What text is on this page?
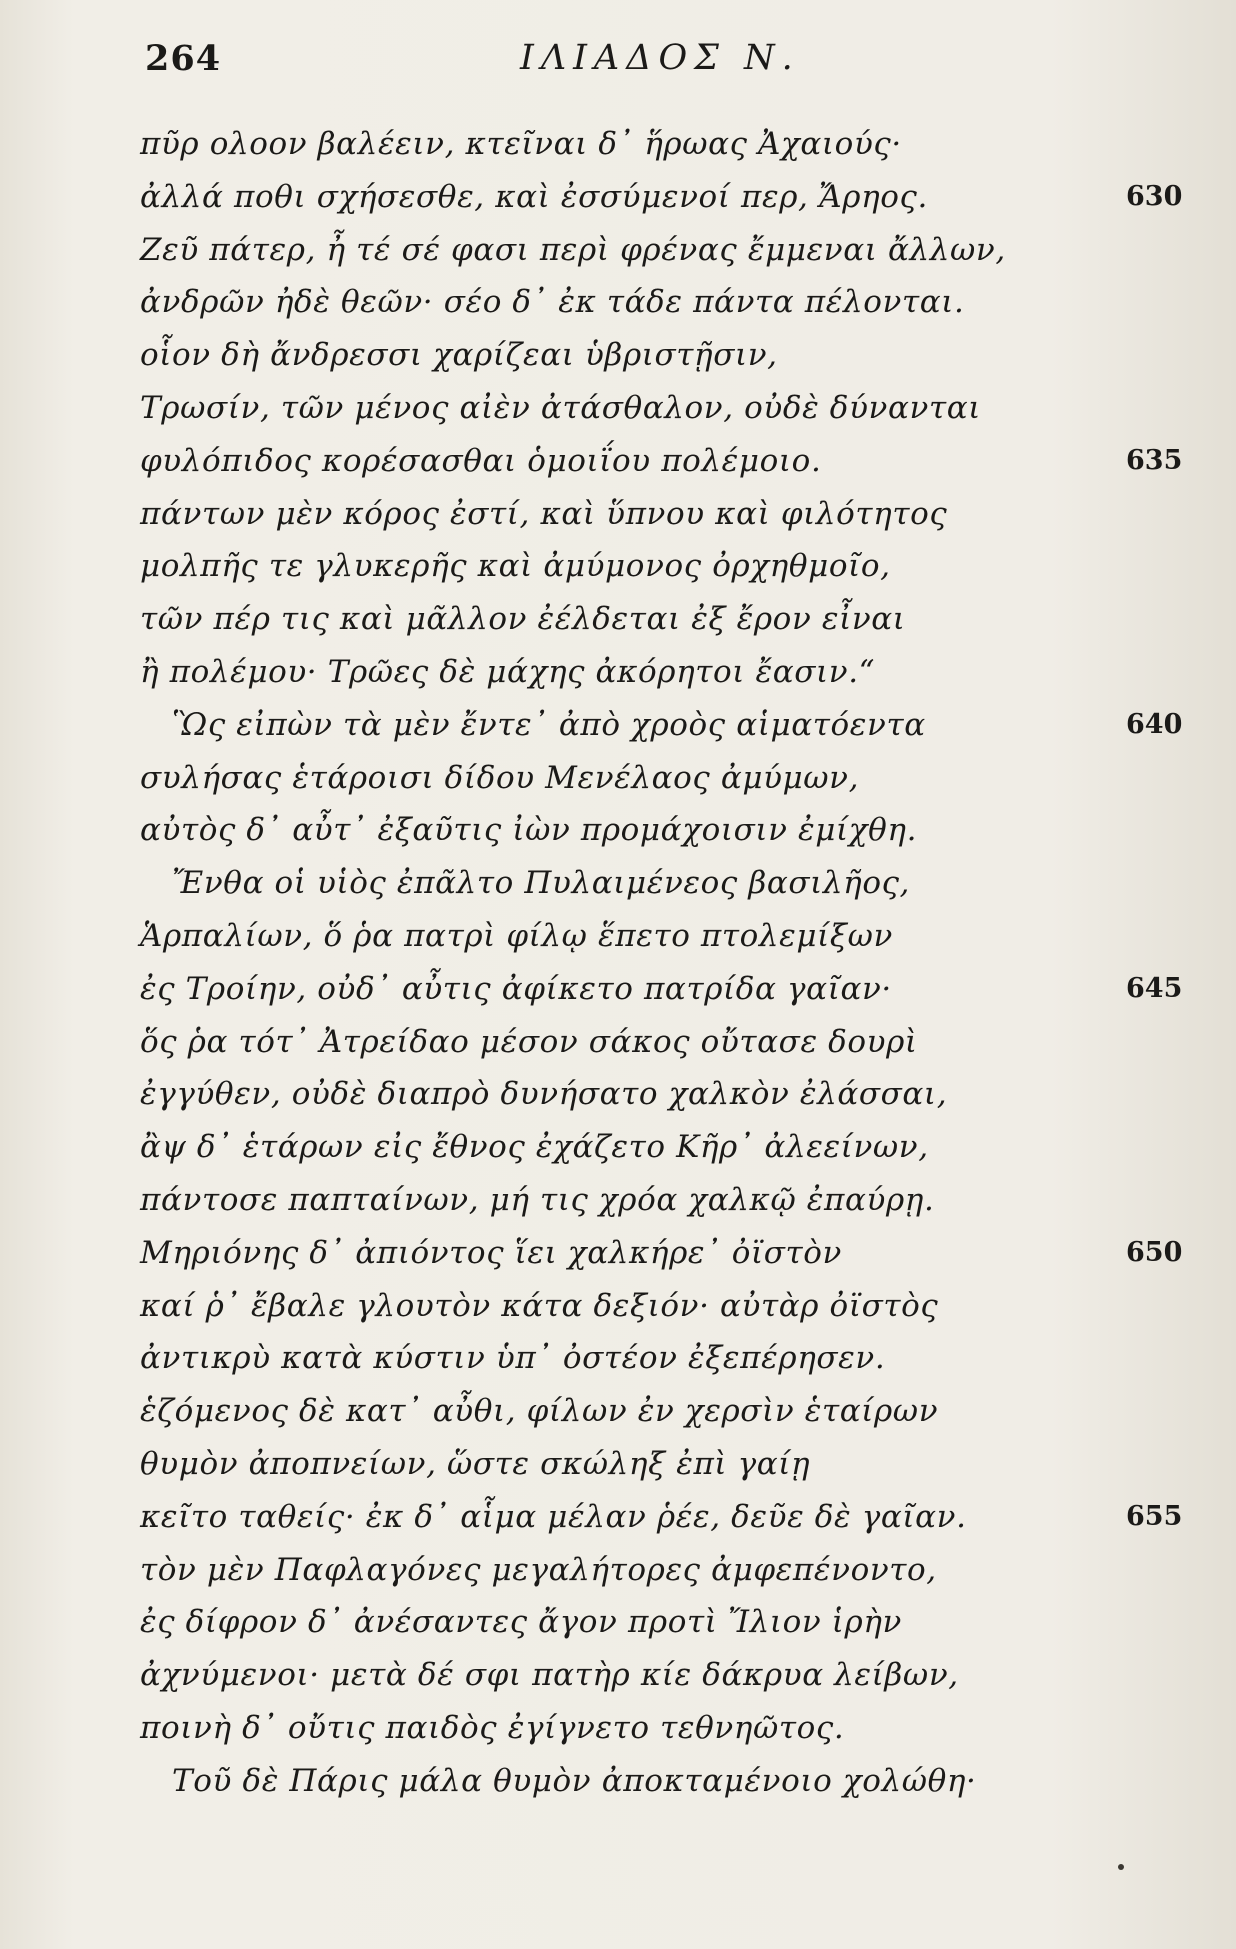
264	ΙΛΙΑΔΟΣ Ν.
πῦρ ολοον βαλέειν, κτεῖναι δ᾽ ἥρωας Ἀχαιούς·
ἀλλά ποθι σχήσεσθε, καὶ ἐσσύμενοί περ, Ἄρηος.	630
Ζεῦ πάτερ, ἦ τέ σέ φασι περὶ φρένας ἔμμεναι ἄλλων,
ἀνδρῶν ἠδὲ θεῶν· σέο δ᾽ ἐκ τάδε πάντα πέλονται.
οἷον δὴ ἄνδρεσσι χαρίζεαι ὑβριστῇσιν,
Τρωσίν, τῶν μένος αἰὲν ἀτάσθαλον, οὐδὲ δύνανται
φυλόπιδος κορέσασθαι ὁμοιΐου πολέμοιο.	635
πάντων μὲν κόρος ἐστί, καὶ ὕπνου καὶ φιλότητος
μολπῆς τε γλυκερῆς καὶ ἀμύμονος ὀρχηθμοῖο,
τῶν πέρ τις καὶ μᾶλλον ἐέλδεται ἐξ ἔρον εἶναι
ἢ πολέμου· Τρῶες δὲ μάχης ἀκόρητοι ἔασιν.“
Ὣς εἰπὼν τὰ μὲν ἔντε᾽ ἀπὸ χροὸς αἱματόεντα	640
συλήσας ἑτάροισι δίδου Μενέλαος ἀμύμων,
αὐτὸς δ᾽ αὖτ᾽ ἐξαῦτις ἰὼν προμάχοισιν ἐμίχθη.
Ἔνθα οἱ υἱὸς ἐπᾶλτο Πυλαιμένεος βασιλῆος,
Ἁρπαλίων, ὅ ῥα πατρὶ φίλῳ ἕπετο πτολεμίξων
ἐς Τροίην, οὐδ᾽ αὖτις ἀφίκετο πατρίδα γαῖαν·	645
ὅς ῥα τότ᾽ Ἀτρείδαο μέσον σάκος οὔτασε δουρὶ
ἐγγύθεν, οὐδὲ διαπρὸ δυνήσατο χαλκὸν ἐλάσσαι,
ἂψ δ᾽ ἑτάρων εἰς ἔθνος ἐχάζετο Κῆρ᾽ ἀλεείνων,
πάντοσε παπταίνων, μή τις χρόα χαλκῷ ἐπαύρῃ.
Μηριόνης δ᾽ ἀπιόντος ἵει χαλκήρε᾽ ὀϊστὸν	650
καί ῥ᾽ ἔβαλε γλουτὸν κάτα δεξιόν· αὐτὰρ ὀϊστὸς
ἀντικρὺ κατὰ κύστιν ὑπ᾽ ὀστέον ἐξεπέρησεν.
ἑζόμενος δὲ κατ᾽ αὖθι, φίλων ἐν χερσὶν ἑταίρων
θυμὸν ἀποπνείων, ὥστε σκώληξ ἐπὶ γαίῃ
κεῖτο ταθείς· ἐκ δ᾽ αἷμα μέλαν ῥέε, δεῦε δὲ γαῖαν.	655
τὸν μὲν Παφλαγόνες μεγαλήτορες ἀμφεπένοντο,
ἐς δίφρον δ᾽ ἀνέσαντες ἄγον προτὶ Ἴλιον ἱρὴν
ἀχνύμενοι· μετὰ δέ σφι πατὴρ κίε δάκρυα λείβων,
ποινὴ δ᾽ οὔτις παιδὸς ἐγίγνετο τεθνηῶτος.
Τοῦ δὲ Πάρις μάλα θυμὸν ἀποκταμένοιο χολώθη·
